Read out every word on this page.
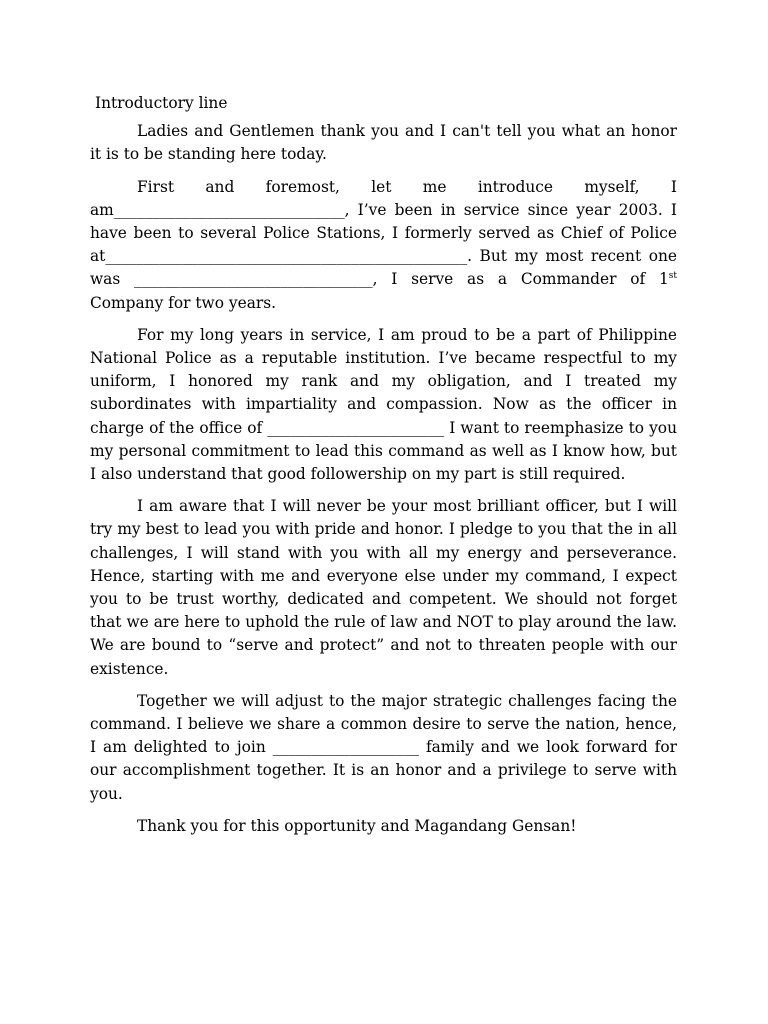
Introductory line

Ladies and Gentlemen thank you and I can't tell you what an honor it is to be standing here today.

First and foremost, let me introduce myself, I am______________________________, I’ve been in service since year 2003. I have been to several Police Stations, I formerly served as Chief of Police at_______________________________________________. But my most recent one was _______________________________, I serve as a Commander of 1st Company for two years.

For my long years in service, I am proud to be a part of Philippine National Police as a reputable institution. I’ve became respectful to my uniform, I honored my rank and my obligation, and I treated my subordinates with impartiality and compassion. Now as the officer in charge of the office of _______________________ I want to reemphasize to you my personal commitment to lead this command as well as I know how, but I also understand that good followership on my part is still required.

I am aware that I will never be your most brilliant officer, but I will try my best to lead you with pride and honor. I pledge to you that the in all challenges, I will stand with you with all my energy and perseverance. Hence, starting with me and everyone else under my command, I expect you to be trust worthy, dedicated and competent. We should not forget that we are here to uphold the rule of law and NOT to play around the law. We are bound to “serve and protect” and not to threaten people with our existence.

Together we will adjust to the major strategic challenges facing the command. I believe we share a common desire to serve the nation, hence, I am delighted to join ___________________ family and we look forward for our accomplishment together. It is an honor and a privilege to serve with you.

Thank you for this opportunity and Magandang Gensan!
